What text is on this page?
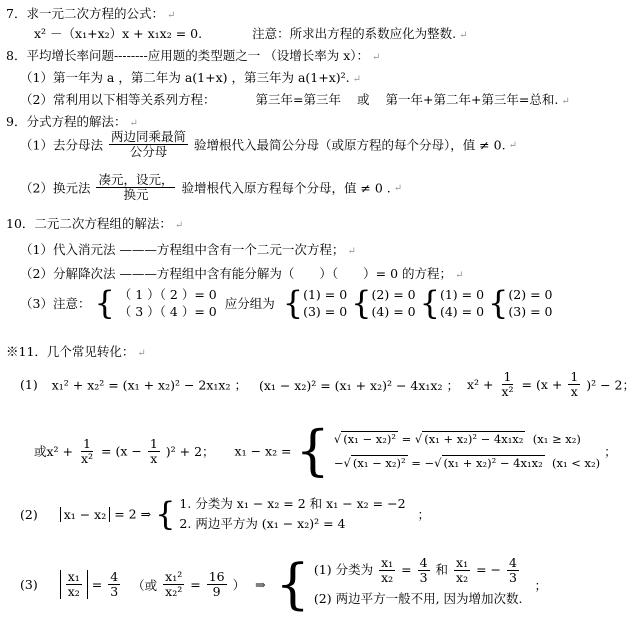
7．求一元二次方程的公式： ↵
x² －（x₁+x₂）x + x₁x₂ = 0.	注意：所求出方程的系数应化为整数. ↵
8．平均增长率问题--------应用题的类型题之一 （设增长率为 x）： ↵
（1）第一年为 a ，第二年为 a(1+x) ，第三年为 a(1+x)². ↵
（2）常利用以下相等关系列方程：	第三年=第三年 或 第一年+第二年+第三年=总和. ↵
9．分式方程的解法： ↵
（1）去分母法 $\frac{\text{两边同乘最简}}{\text{公分母}}$ 验增根代入最简公分母（或原方程的每个分母），值 ≠ 0. ↵
（2）换元法 $\frac{\text{凑元，设元，}}{\text{换元}}$ 验增根代入原方程每个分母，值 ≠ 0 . ↵
10．二元二次方程组的解法： ↵
（1）代入消元法 ———方程组中含有一个二元一次方程； ↵
（2）分解降次法 ———方程组中含有能分解为（　　）（　　）= 0 的方程； ↵
（3）注意： { （ 1 ）（ 2 ）= 0
（ 3 ）（ 4 ）= 0
应分组为 { (1) = 0
(3) = 0 { (2) = 0
(4) = 0 { (1) = 0
(4) = 0 { (2) = 0
(3) = 0
※11．几个常见转化： ↵
(1) x₁² + x₂² = (x₁ + x₂)² − 2x₁x₂ ； (x₁ − x₂)² = (x₁ + x₂)² − 4x₁x₂ ； $x^2 + \frac{1}{\text{x²}} = (x + \frac{1}{x} )^2 - 2$；
或$x^2 + \frac{1}{\text{x²}} = (x - \frac{1}{x} )^2 + 2$； x₁ − x₂ = { √ (x₁ − x₂)² = √ (x₁ + x₂)² − 4x₁x₂ (x₁ ≥ x₂)
−√ (x₁ − x₂)² = −√ (x₁ + x₂)² − 4x₁x₂ (x₁ < x₂)
；
(2) x₁ − x₂ = 2 ⇒ { 1. 分类为 x₁ − x₂ = 2 和 x₁ − x₂ = −2
2. 两边平方为 (x₁ − x₂)² = 4
；
$(3) \frac{\text{x₁}}{\text{x₂}} = \frac{4}{3}$ （或 $\frac{\text{x₁²}}{\text{x₂²}} = \frac{16}{9}$ ） ⇒ { (1) 分类为 $\frac{\text{x₁}}{\text{x₂}} = \frac{4}{3}$ 和 $\frac{\text{x₁}}{\text{x₂}}$ = − $\frac{4}{3}$
(2) 两边平方一般不用, 因为增加次数.
；
